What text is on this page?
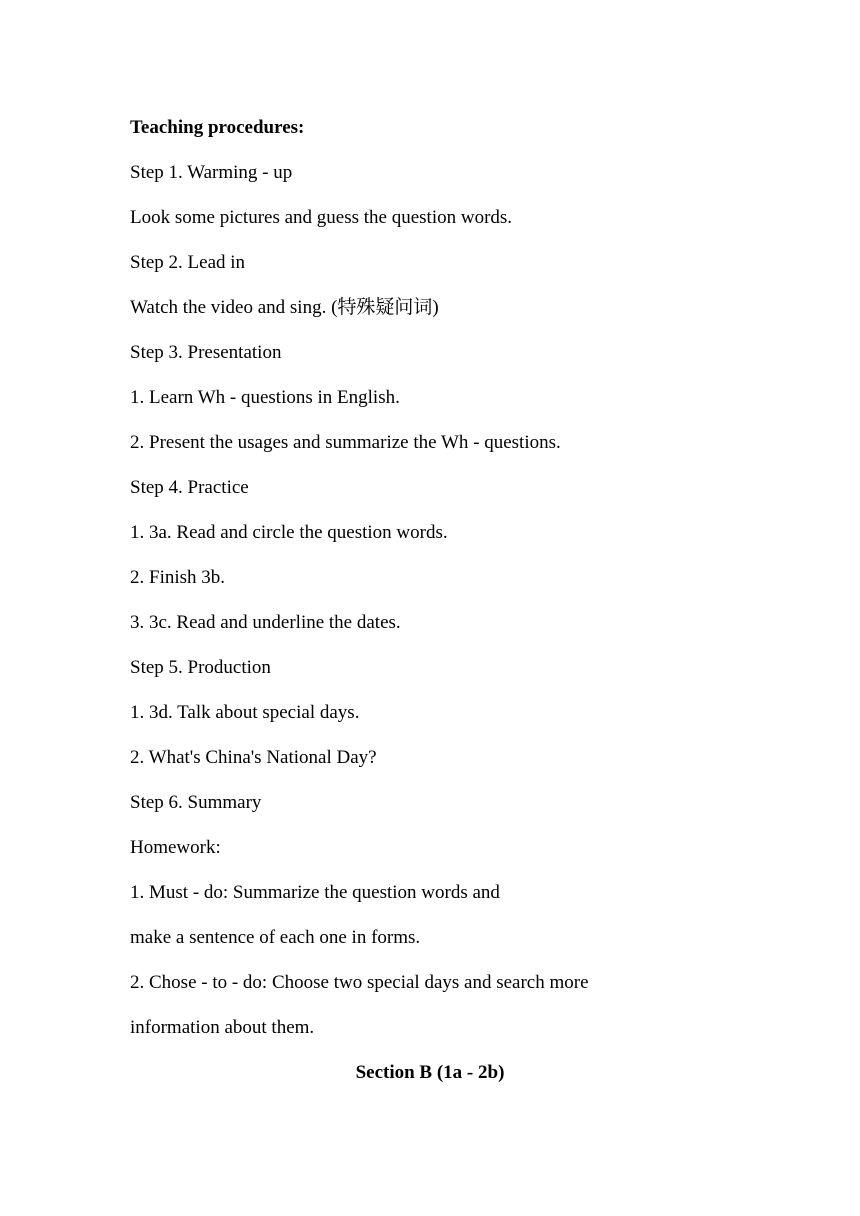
Teaching procedures:
Step 1. Warming - up
Look some pictures and guess the question words.
Step 2. Lead in
Watch the video and sing. (特殊疑问词)
Step 3. Presentation
1. Learn Wh - questions in English.
2. Present the usages and summarize the Wh - questions.
Step 4. Practice
1. 3a. Read and circle the question words.
2. Finish 3b.
3. 3c. Read and underline the dates.
Step 5. Production
1. 3d. Talk about special days.
2. What's China's National Day?
Step 6. Summary
Homework:
1. Must - do: Summarize the question words and
make a sentence of each one in forms.
2. Chose - to - do: Choose two special days and search more
information about them.
Section B (1a - 2b)
